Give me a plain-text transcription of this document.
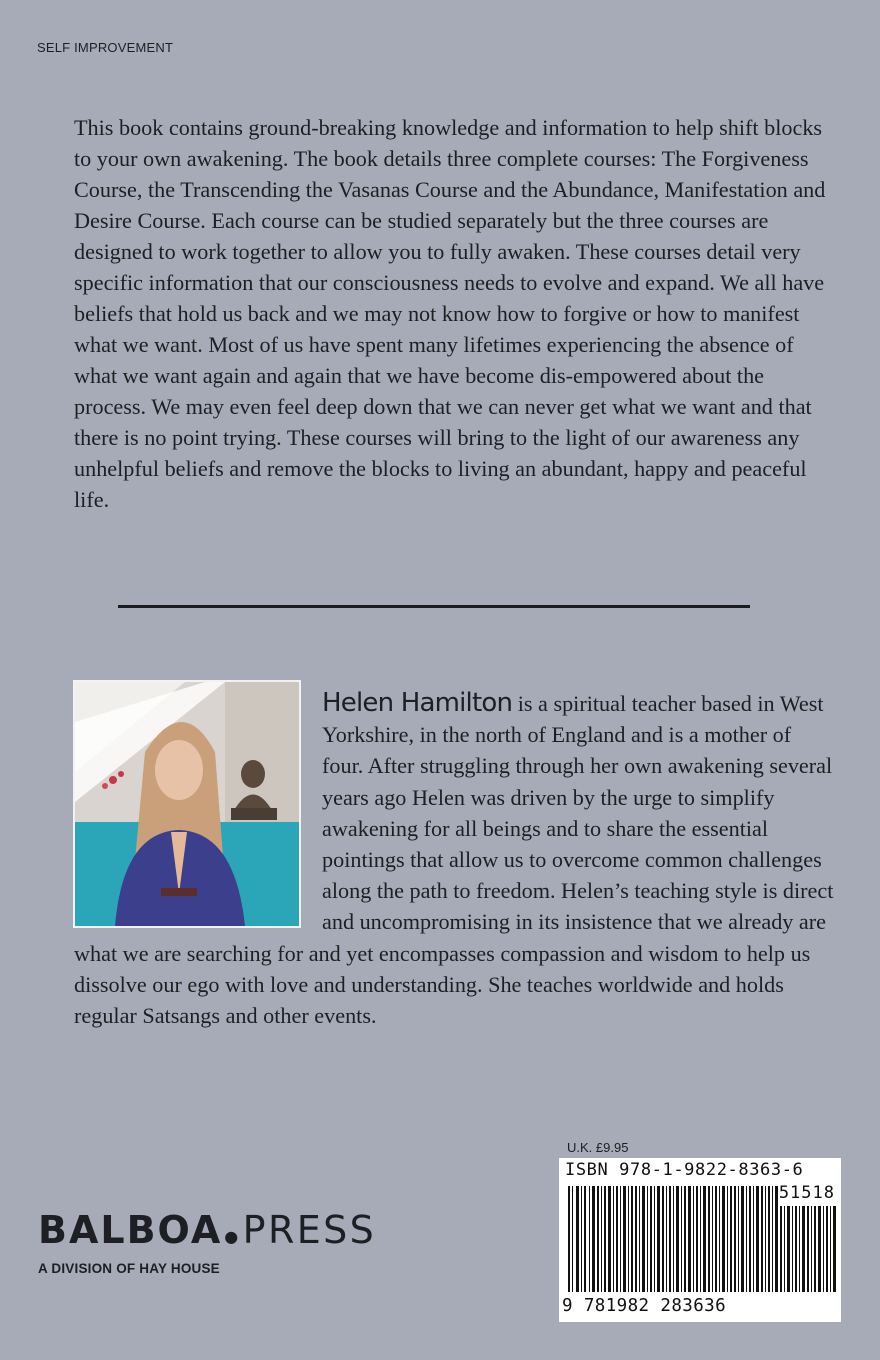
SELF IMPROVEMENT

This book contains ground-breaking knowledge and information to help shift blocks to your own awakening. The book details three complete courses: The Forgiveness Course, the Transcending the Vasanas Course and the Abundance, Manifestation and Desire Course. Each course can be studied separately but the three courses are designed to work together to allow you to fully awaken. These courses detail very specific information that our consciousness needs to evolve and expand. We all have beliefs that hold us back and we may not know how to forgive or how to manifest what we want. Most of us have spent many lifetimes experiencing the absence of what we want again and again that we have become dis-empowered about the process. We may even feel deep down that we can never get what we want and that there is no point trying. These courses will bring to the light of our awareness any unhelpful beliefs and remove the blocks to living an abundant, happy and peaceful life.

Helen Hamilton is a spiritual teacher based in West Yorkshire, in the north of England and is a mother of four. After struggling through her own awakening several years ago Helen was driven by the urge to simplify awakening for all beings and to share the essential pointings that allow us to overcome common challenges along the path to freedom. Helen’s teaching style is direct and uncompromising in its insistence that we already are what we are searching for and yet encompasses compassion and wisdom to help us dissolve our ego with love and understanding. She teaches worldwide and holds regular Satsangs and other events.

U.K. £9.95
ISBN 978-1-9822-8363-6
51518
9 781982 283636
BALBOA ●PRESS
A DIVISION OF HAY HOUSE
